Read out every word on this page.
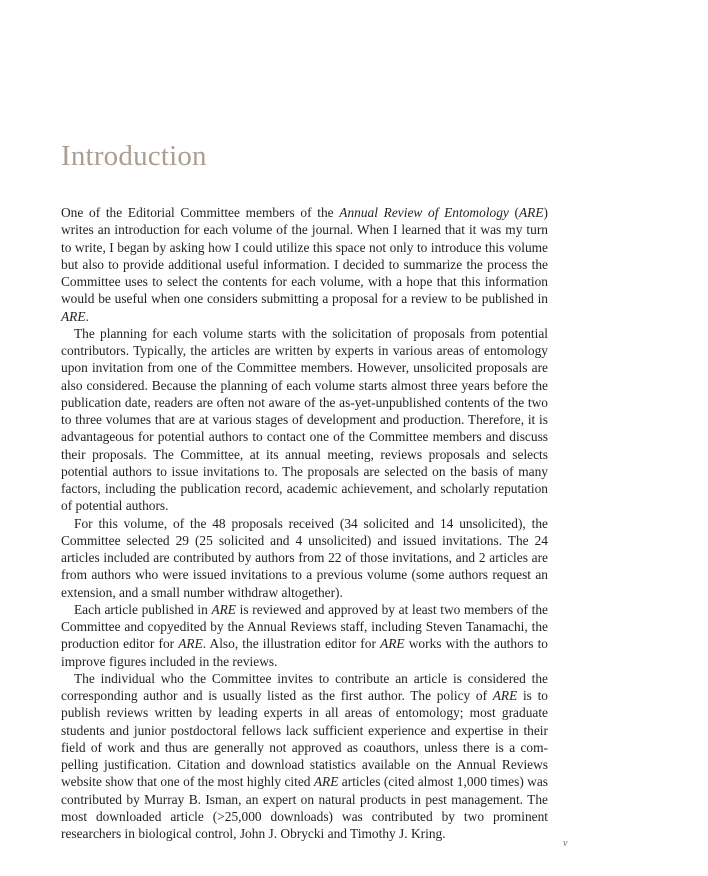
Introduction

One of the Editorial Committee members of the Annual Review of Entomology (ARE) writes an introduction for each volume of the journal. When I learned that it was my turn to write, I began by asking how I could utilize this space not only to introduce this volume but also to provide additional useful information. I decided to summarize the process the Committee uses to select the contents for each volume, with a hope that this information would be useful when one considers submitting a proposal for a review to be published in ARE.

The planning for each volume starts with the solicitation of proposals from potential contributors. Typically, the articles are written by experts in various areas of entomology upon invitation from one of the Committee members. However, unsolicited proposals are also considered. Because the planning of each volume starts almost three years before the publication date, readers are often not aware of the as-yet-unpublished contents of the two to three volumes that are at various stages of development and production. Therefore, it is advantageous for potential authors to contact one of the Committee members and discuss their proposals. The Committee, at its annual meeting, reviews proposals and selects potential authors to issue invitations to. The proposals are selected on the basis of many factors, including the publication record, academic achievement, and scholarly reputation of potential authors.

For this volume, of the 48 proposals received (34 solicited and 14 unsolicited), the Committee selected 29 (25 solicited and 4 unsolicited) and issued invitations. The 24 articles included are contributed by authors from 22 of those invitations, and 2 articles are from authors who were issued invitations to a previous volume (some authors request an extension, and a small number withdraw altogether).

Each article published in ARE is reviewed and approved by at least two members of the Committee and copyedited by the Annual Reviews staff, including Steven Tanamachi, the production editor for ARE. Also, the illustration editor for ARE works with the authors to improve figures included in the reviews.

The individual who the Committee invites to contribute an article is considered the corresponding author and is usually listed as the first author. The policy of ARE is to publish reviews written by leading experts in all areas of entomology; most graduate students and junior postdoctoral fellows lack sufficient experience and expertise in their field of work and thus are generally not approved as coauthors, unless there is a compelling justification. Citation and download statistics available on the Annual Reviews website show that one of the most highly cited ARE articles (cited almost 1,000 times) was contributed by Murray B. Isman, an expert on natural products in pest management. The most downloaded article (>25,000 downloads) was contributed by two prominent researchers in biological control, John J. Obrycki and Timothy J. Kring.

v
